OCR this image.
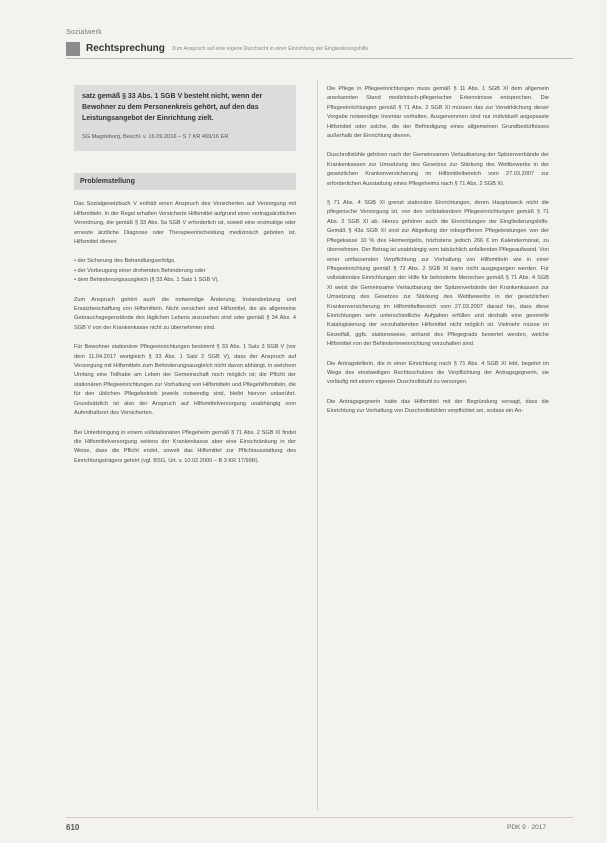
Sozialwerk
Rechtsprechung Zum Anspruch auf eine eigene Durchsicht in einer Einrichtung der Eingliederungshilfe
satz gemäß § 33 Abs. 1 SGB V besteht nicht, wenn der Bewohner zu dem Personenkreis gehört, auf den das Leistungsangebot der Einrichtung zielt.
SG Magdeburg, Beschl. v. 16.09.2016 – S 7 KR 469/16 ER
Problemstellung

Das Sozialgesetzbuch V enthält einen Anspruch des Versicherten auf Versorgung mit Hilfsmitteln. In der Regel erhalten Versicherte Hilfsmittel aufgrund einer vertragsärztlichen Verordnung, die gemäß § 33 Abs. 5a SGB V erforderlich ist, soweit eine erstmalige oder erneute ärztliche Diagnose oder Therapieentscheidung medizinisch geboten ist. Hilfsmittel dienen

• der Sicherung des Behandlungserfolgs,

• der Vorbeugung einer drohenden Behinderung oder

• dem Behinderungsausgleich (§ 33 Abs. 1 Satz 1 SGB V).

Zum Anspruch gehört auch die notwendige Änderung, Instandsetzung und Ersatzbeschaffung von Hilfsmitteln. Nicht versichert sind Hilfsmittel, die als allgemeine Gebrauchsgegenstände des täglichen Lebens anzusehen sind oder gemäß § 34 Abs. 4 SGB V von der Krankenkasse nicht zu übernehmen sind.

Für Bewohner stationärer Pflegeeinrichtungen bestimmt § 33 Abs. 1 Satz 3 SGB V (vor dem 11.04.2017 wortgleich § 33 Abs. 1 Satz 2 SGB V), dass der Anspruch auf Versorgung mit Hilfsmitteln zum Behinderungsausgleich nicht davon abhängt, in welchem Umfang eine Teilhabe am Leben der Gemeinschaft noch möglich ist; die Pflicht der stationären Pflegeeinrichtungen zur Vorhaltung von Hilfsmitteln und Pflegehilfsmitteln, die für den üblichen Pflegebetrieb jeweils notwendig sind, bleibt hiervon unberührt. Grundsätzlich ist also der Anspruch auf Hilfsmittelversorgung unabhängig vom Aufenthaltsort des Versicherten.

Bei Unterbringung in einem vollstationären Pflegeheim gemäß § 71 Abs. 2 SGB XI findet die Hilfsmittelversorgung seitens der Krankenkasse aber eine Einschränkung in der Weise, dass die Pflicht endet, soweit das Hilfsmittel zur Pflichtausstattung des Einrichtungsträgers gehört (vgl. BSG, Urt. v. 10.02.2000 – B 3 KR 17/99R).

Die Pflege in Pflegeeinrichtungen muss gemäß § 11 Abs. 1 SGB XI dem allgemein anerkannten Stand medizinisch-pflegerischer Erkenntnisse entsprechen. Die Pflegeeinrichtungen gemäß § 71 Abs. 2 SGB XI müssen das zur Verwirklichung dieser Vorgabe notwendige Inventar vorhalten. Ausgenommen sind nur individuell angepasste Hilfsmittel oder solche, die der Befriedigung eines allgemeinen Grundbedürfnisses außerhalb der Einrichtung dienen.

Duschrollstühle gehören nach der Gemeinsamen Verlautbarung der Spitzenverbände der Krankenkassen zur Umsetzung des Gesetzes zur Stärkung des Wettbewerbs in der gesetzlichen Krankenversicherung im Hilfsmittelbereich vom 27.03.2007 zur erforderlichen Ausstattung eines Pflegeheims nach § 71 Abs. 2 SGB XI.

§ 71 Abs. 4 SGB XI grenzt stationäre Einrichtungen, deren Hauptzweck nicht die pflegerische Versorgung ist, von den vollstationären Pflegeeinrichtungen gemäß § 71 Abs. 2 SGB XI ab. Hierzu gehören auch die Einrichtungen der Eingliederungshilfe. Gemäß § 43a SGB XI sind zur Abgeltung der inbegriffenen Pflegeleistungen von der Pflegekasse 10 % des Heimentgelts, höchstens jedoch 266 € im Kalendermonat, zu übernehmen. Der Betrag ist unabhängig vom tatsächlich anfallenden Pflegeaufwand. Von einer umfassenden Verpflichtung zur Vorhaltung von Hilfsmitteln wie in einer Pflegeeinrichtung gemäß § 72 Abs. 2 SGB XI kann nicht ausgegangen werden. Für vollstationäre Einrichtungen der Hilfe für behinderte Menschen gemäß § 71 Abs. 4 SGB XI weist die Gemeinsame Verlautbarung der Spitzenverbände der Krankenkassen zur Umsetzung des Gesetzes zur Stärkung des Wettbewerbs in der gesetzlichen Krankenversicherung im Hilfsmittelbereich vom 27.03.2007 darauf hin, dass diese Einrichtungen sehr unterschiedliche Aufgaben erfüllen und deshalb eine generelle Katalogisierung der vorzuhaltenden Hilfsmittel nicht möglich ist. Vielmehr müsse im Einzelfall, ggfs. stationsweise, anhand des Pflegegrads bewertet werden, welche Hilfsmittel von der Behinderteneinrichtung vorzuhalten sind.

Die Antragstellerin, die in einer Einrichtung nach § 71 Abs. 4 SGB XI lebt, begehrt im Wege des einstweiligen Rechtsschutzes die Verpflichtung der Antragsgegnerin, sie vorläufig mit einem eigenen Duschrollstuhl zu versorgen.

Die Antragsgegnerin hatte das Hilfsmittel mit der Begründung versagt, dass die Einrichtung zur Vorhaltung von Duschrollstühlen verpflichtet sei, sodass ein An-

610	PDK 9 · 2017
